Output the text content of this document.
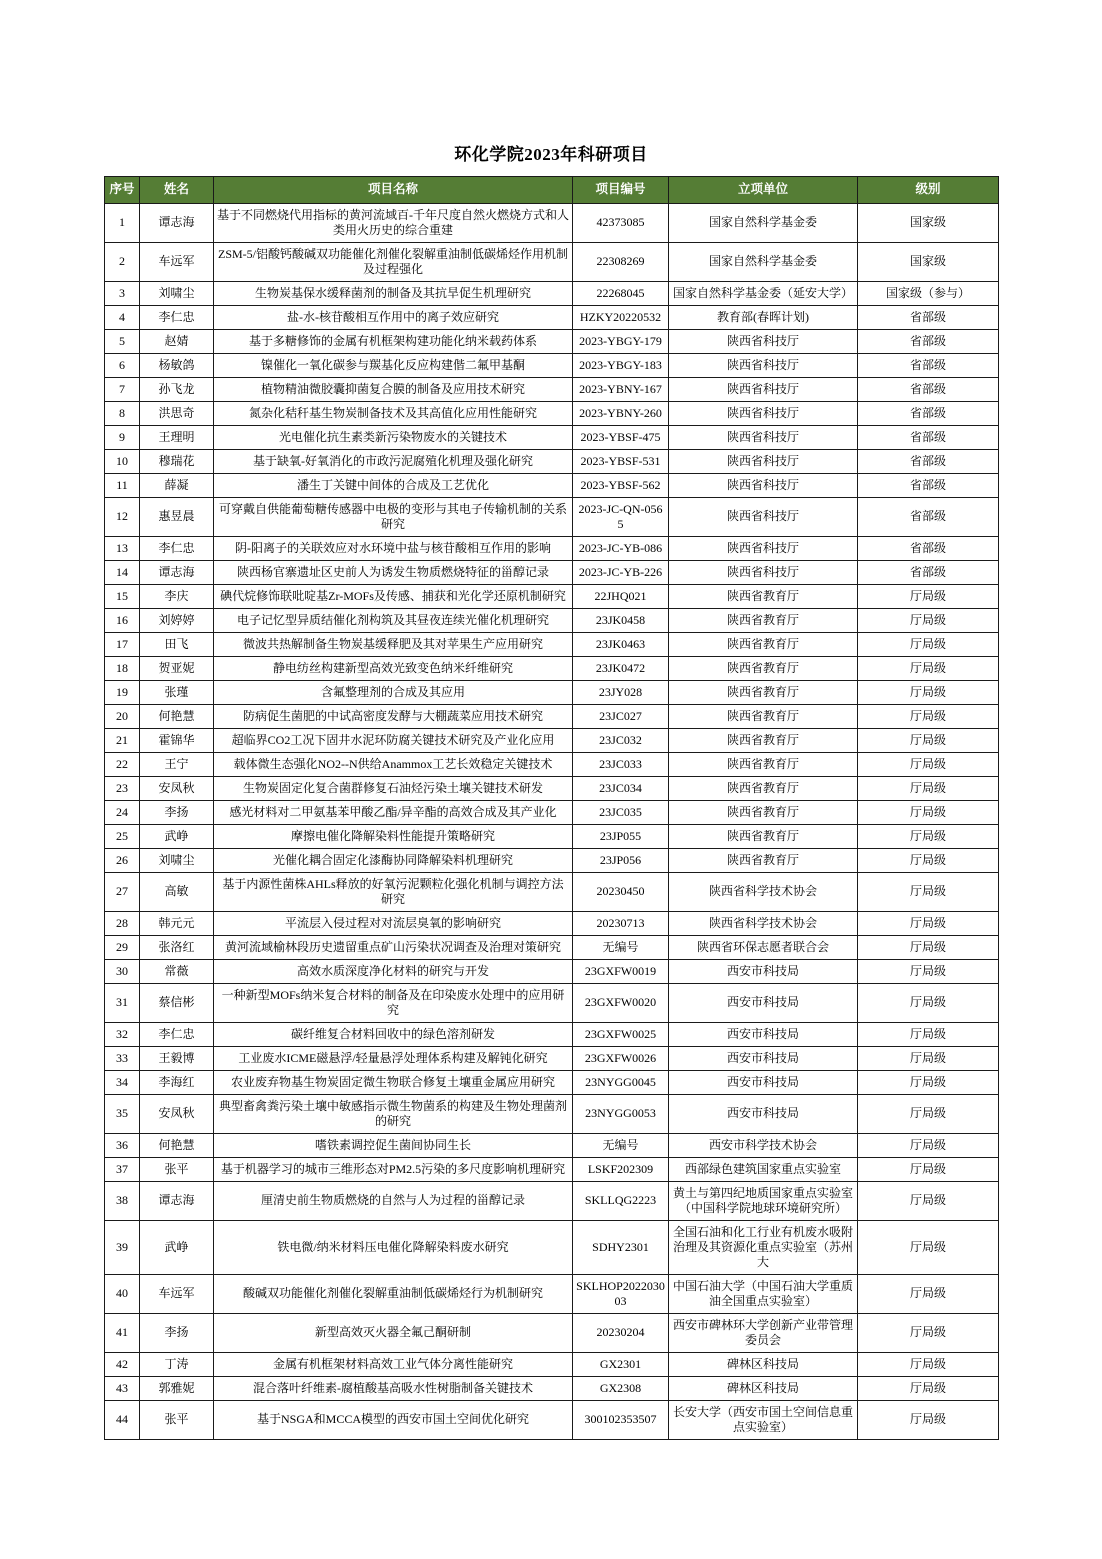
环化学院2023年科研项目
序号	姓名	项目名称	项目编号	立项单位	级别
1	谭志海	基于不同燃烧代用指标的黄河流域百-千年尺度自然火燃烧方式和人类用火历史的综合重建	42373085	国家自然科学基金委	国家级
2	车远军	ZSM-5/铝酸钙酸碱双功能催化剂催化裂解重油制低碳烯烃作用机制及过程强化	22308269	国家自然科学基金委	国家级
3	刘啸尘	生物炭基保水缓释菌剂的制备及其抗旱促生机理研究	22268045	国家自然科学基金委（延安大学）	国家级（参与）
4	李仁忠	盐-水-核苷酸相互作用中的离子效应研究	HZKY20220532	教育部(春晖计划)	省部级
5	赵婧	基于多糖修饰的金属有机框架构建功能化纳米载药体系	2023-YBGY-179	陕西省科技厅	省部级
6	杨敏鸽	镍催化一氧化碳参与羰基化反应构建偕二氟甲基酮	2023-YBGY-183	陕西省科技厅	省部级
7	孙飞龙	植物精油微胶囊抑菌复合膜的制备及应用技术研究	2023-YBNY-167	陕西省科技厅	省部级
8	洪思奇	氮杂化秸秆基生物炭制备技术及其高值化应用性能研究	2023-YBNY-260	陕西省科技厅	省部级
9	王理明	光电催化抗生素类新污染物废水的关键技术	2023-YBSF-475	陕西省科技厅	省部级
10	穆瑞花	基于缺氧-好氧消化的市政污泥腐殖化机理及强化研究	2023-YBSF-531	陕西省科技厅	省部级
11	薛凝	潘生丁关键中间体的合成及工艺优化	2023-YBSF-562	陕西省科技厅	省部级
12	惠昱晨	可穿戴自供能葡萄糖传感器中电极的变形与其电子传输机制的关系研究	2023-JC-QN-0565	陕西省科技厅	省部级
13	李仁忠	阴-阳离子的关联效应对水环境中盐与核苷酸相互作用的影响	2023-JC-YB-086	陕西省科技厅	省部级
14	谭志海	陕西杨官寨遗址区史前人为诱发生物质燃烧特征的甾醇记录	2023-JC-YB-226	陕西省科技厅	省部级
15	李庆	碘代烷修饰联吡啶基Zr-MOFs及传感、捕获和光化学还原机制研究	22JHQ021	陕西省教育厅	厅局级
16	刘婷婷	电子记忆型异质结催化剂构筑及其昼夜连续光催化机理研究	23JK0458	陕西省教育厅	厅局级
17	田飞	微波共热解制备生物炭基缓释肥及其对苹果生产应用研究	23JK0463	陕西省教育厅	厅局级
18	贺亚妮	静电纺丝构建新型高效光致变色纳米纤维研究	23JK0472	陕西省教育厅	厅局级
19	张瑾	含氟整理剂的合成及其应用	23JY028	陕西省教育厅	厅局级
20	何艳慧	防病促生菌肥的中试高密度发酵与大棚蔬菜应用技术研究	23JC027	陕西省教育厅	厅局级
21	霍锦华	超临界CO2工况下固井水泥环防腐关键技术研究及产业化应用	23JC032	陕西省教育厅	厅局级
22	王宁	载体微生态强化NO2--N供给Anammox工艺长效稳定关键技术	23JC033	陕西省教育厅	厅局级
23	安凤秋	生物炭固定化复合菌群修复石油烃污染土壤关键技术研发	23JC034	陕西省教育厅	厅局级
24	李扬	感光材料对二甲氨基苯甲酸乙酯/异辛酯的高效合成及其产业化	23JC035	陕西省教育厅	厅局级
25	武峥	摩擦电催化降解染料性能提升策略研究	23JP055	陕西省教育厅	厅局级
26	刘啸尘	光催化耦合固定化漆酶协同降解染料机理研究	23JP056	陕西省教育厅	厅局级
27	高敏	基于内源性菌株AHLs释放的好氧污泥颗粒化强化机制与调控方法研究	20230450	陕西省科学技术协会	厅局级
28	韩元元	平流层入侵过程对对流层臭氧的影响研究	20230713	陕西省科学技术协会	厅局级
29	张洛红	黄河流域榆林段历史遗留重点矿山污染状况调查及治理对策研究	无编号	陕西省环保志愿者联合会	厅局级
30	常薇	高效水质深度净化材料的研究与开发	23GXFW0019	西安市科技局	厅局级
31	蔡信彬	一种新型MOFs纳米复合材料的制备及在印染废水处理中的应用研究	23GXFW0020	西安市科技局	厅局级
32	李仁忠	碳纤维复合材料回收中的绿色溶剂研发	23GXFW0025	西安市科技局	厅局级
33	王毅博	工业废水ICME磁悬浮/轻量悬浮处理体系构建及解钝化研究	23GXFW0026	西安市科技局	厅局级
34	李海红	农业废弃物基生物炭固定微生物联合修复土壤重金属应用研究	23NYGG0045	西安市科技局	厅局级
35	安凤秋	典型畜禽粪污染土壤中敏感指示微生物菌系的构建及生物处理菌剂的研究	23NYGG0053	西安市科技局	厅局级
36	何艳慧	嗜铁素调控促生菌间协同生长	无编号	西安市科学技术协会	厅局级
37	张平	基于机器学习的城市三维形态对PM2.5污染的多尺度影响机理研究	LSKF202309	西部绿色建筑国家重点实验室	厅局级
38	谭志海	厘清史前生物质燃烧的自然与人为过程的甾醇记录	SKLLQG2223	黄土与第四纪地质国家重点实验室（中国科学院地球环境研究所）	厅局级
39	武峥	铁电微/纳米材料压电催化降解染料废水研究	SDHY2301	全国石油和化工行业有机废水吸附治理及其资源化重点实验室（苏州大	厅局级
40	车远军	酸碱双功能催化剂催化裂解重油制低碳烯烃行为机制研究	SKLHOP202203003	中国石油大学（中国石油大学重质油全国重点实验室）	厅局级
41	李扬	新型高效灭火器全氟己酮研制	20230204	西安市碑林环大学创新产业带管理委员会	厅局级
42	丁涛	金属有机框架材料高效工业气体分离性能研究	GX2301	碑林区科技局	厅局级
43	郭雅妮	混合落叶纤维素-腐植酸基高吸水性树脂制备关键技术	GX2308	碑林区科技局	厅局级
44	张平	基于NSGA和MCCA模型的西安市国土空间优化研究	300102353507	长安大学（西安市国土空间信息重点实验室）	厅局级
